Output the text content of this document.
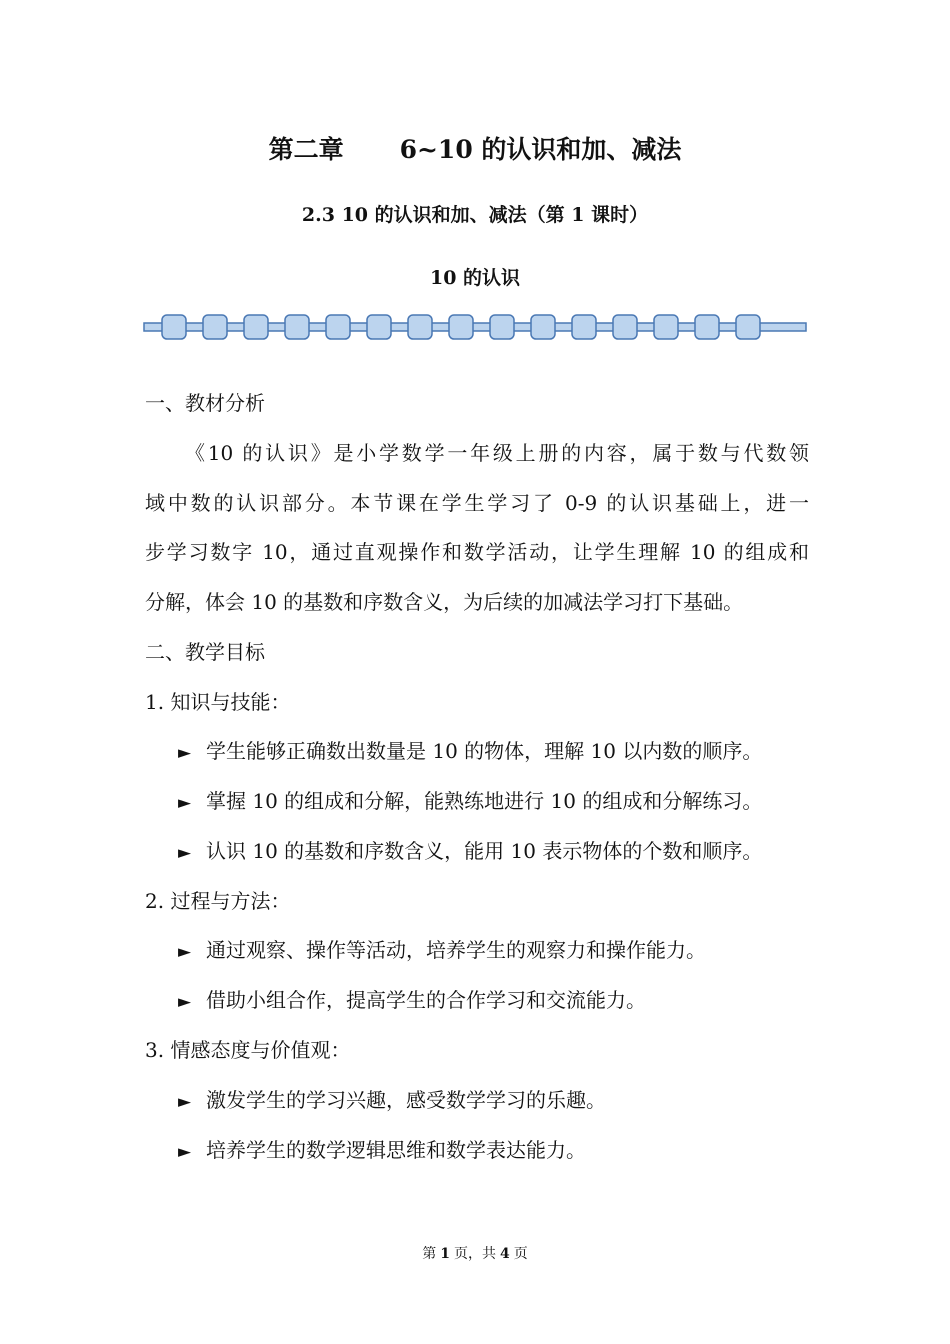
第二章 6~10 的认识和加、减法
2.3 10 的认识和加、减法（第 1 课时）
10 的认识
一、教材分析
《10 的认识》是小学数学一年级上册的内容，属于数与代数领
域中数的认识部分。本节课在学生学习了 0-9 的认识基础上，进一
步学习数字 10，通过直观操作和数学活动，让学生理解 10 的组成和
分解，体会 10 的基数和序数含义，为后续的加减法学习打下基础。
二、教学目标
1. 知识与技能：
► 学生能够正确数出数量是 10 的物体，理解 10 以内数的顺序。
► 掌握 10 的组成和分解，能熟练地进行 10 的组成和分解练习。
► 认识 10 的基数和序数含义，能用 10 表示物体的个数和顺序。
2. 过程与方法：
► 通过观察、操作等活动，培养学生的观察力和操作能力。
► 借助小组合作，提高学生的合作学习和交流能力。
3. 情感态度与价值观：
► 激发学生的学习兴趣，感受数学学习的乐趣。
► 培养学生的数学逻辑思维和数学表达能力。
第 1 页，共 4 页
